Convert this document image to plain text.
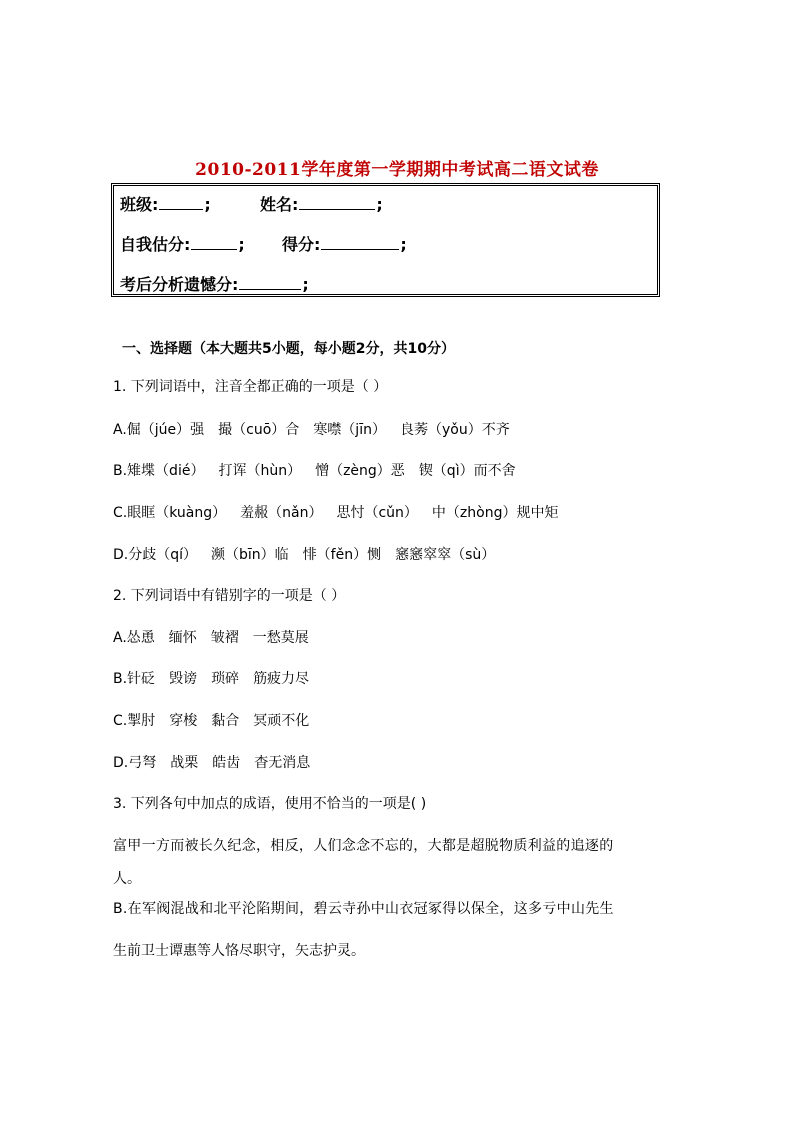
2010-2011学年度第一学期期中考试高二语文试卷
班级:	;	姓名:	;
自我估分:	; 得分:	;
考后分析遗憾分:	;
一、选择题（本大题共5小题，每小题2分，共10分）
1. 下列词语中，注音全都正确的一项是（ ）
A.倔（júe）强 撮（cuō）合 寒噤（jīn） 良莠（yǒu）不齐
B.雉堞（dié） 打诨（hùn） 憎（zèng）恶 锲（qì）而不舍
C.眼眶（kuàng） 羞赧（nǎn） 思忖（cǔn） 中（zhòng）规中矩
D.分歧（qí） 濒（bīn）临 悱（fěn）恻 窸窸窣窣（sù）
2. 下列词语中有错别字的一项是（ ）
A.怂恿 缅怀 皱褶 一愁莫展
B.针砭 毁谤 琐碎 筋疲力尽
C.掣肘 穿梭 黏合 冥顽不化
D.弓弩 战栗 皓齿 杳无消息
3. 下列各句中加点的成语，使用不恰当的一项是( )
富甲一方而被长久纪念，相反，人们念念不忘的，大都是超脱物质利益的追逐的
人。
B.在军阀混战和北平沦陷期间，碧云寺孙中山衣冠冢得以保全，这多亏中山先生
生前卫士谭惠等人恪尽职守，矢志护灵。
